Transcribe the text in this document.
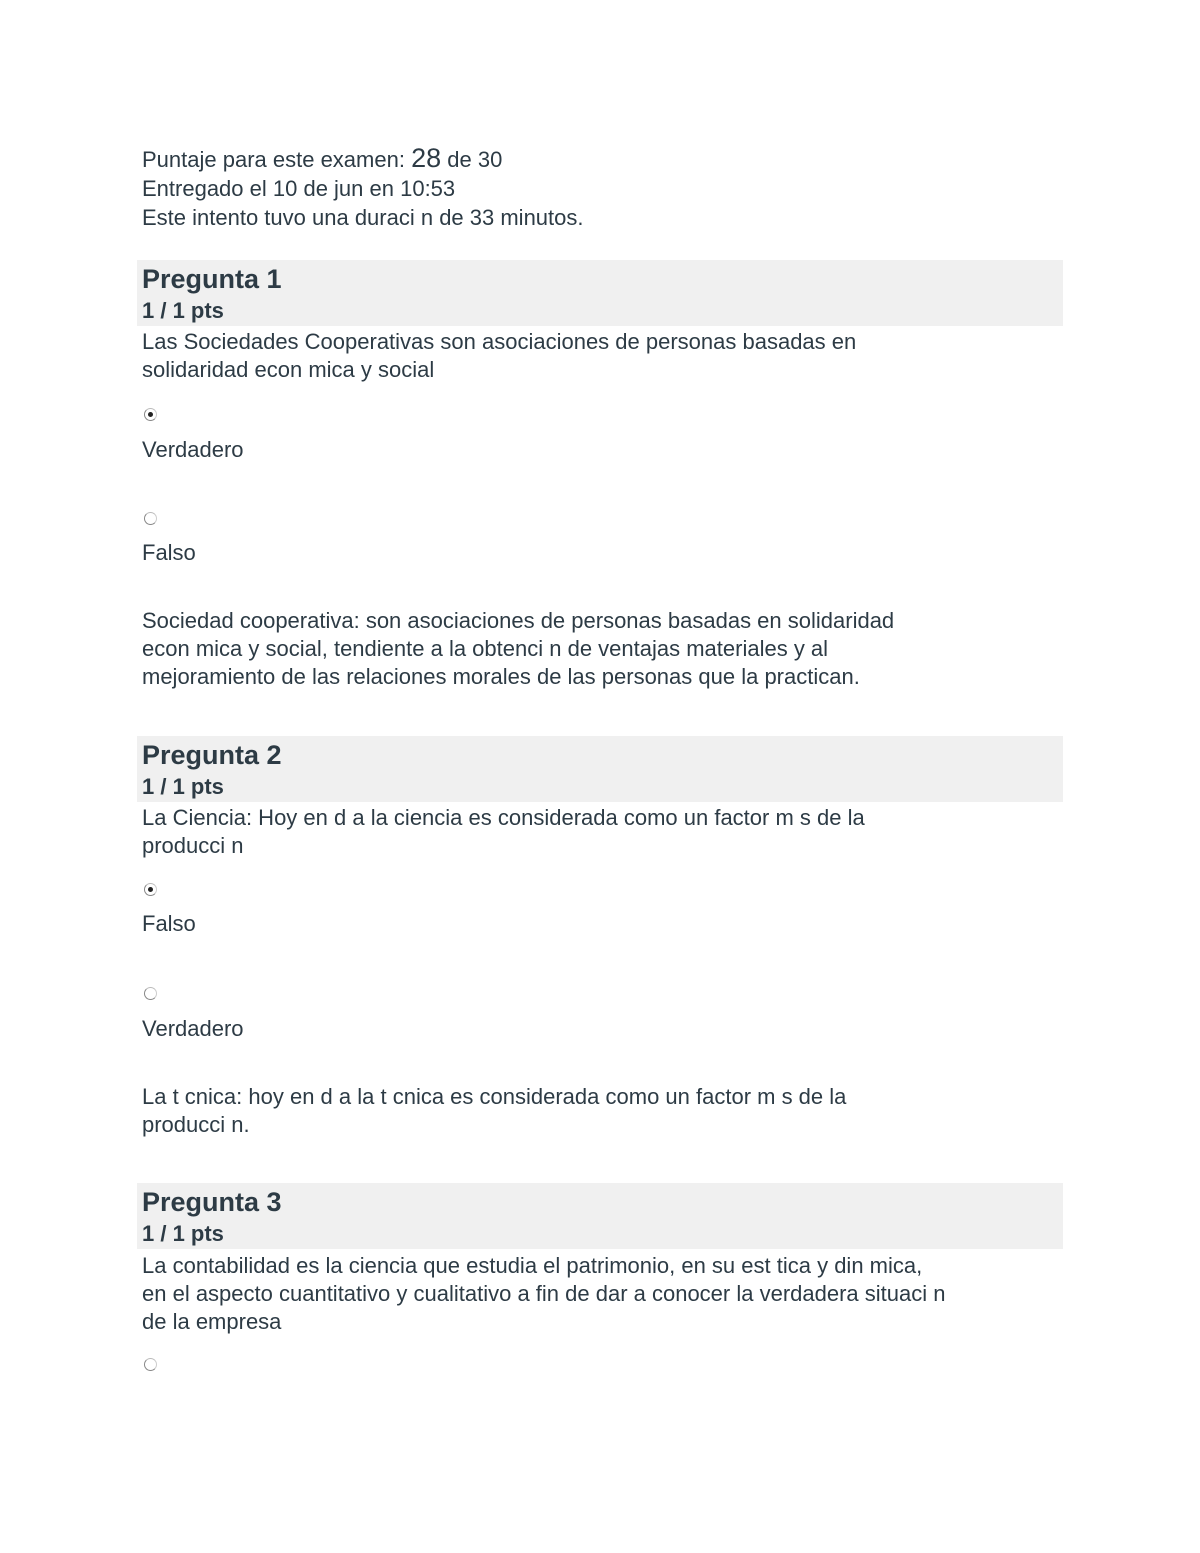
Puntaje para este examen: 28 de 30
Entregado el 10 de jun en 10:53
Este intento tuvo una duraci n de 33 minutos.
Pregunta 1
1 / 1 pts
Las Sociedades Cooperativas son asociaciones de personas basadas en
solidaridad econ mica y social
Verdadero
Falso
Sociedad cooperativa: son asociaciones de personas basadas en solidaridad
econ mica y social, tendiente a la obtenci n de ventajas materiales y al
mejoramiento de las relaciones morales de las personas que la practican.
Pregunta 2
1 / 1 pts
La Ciencia: Hoy en d a la ciencia es considerada como un factor m s de la
producci n
Falso
Verdadero
La t cnica: hoy en d a la t cnica es considerada como un factor m s de la
producci n.
Pregunta 3
1 / 1 pts
La contabilidad es la ciencia que estudia el patrimonio, en su est tica y din mica,
en el aspecto cuantitativo y cualitativo a fin de dar a conocer la verdadera situaci n
de la empresa
